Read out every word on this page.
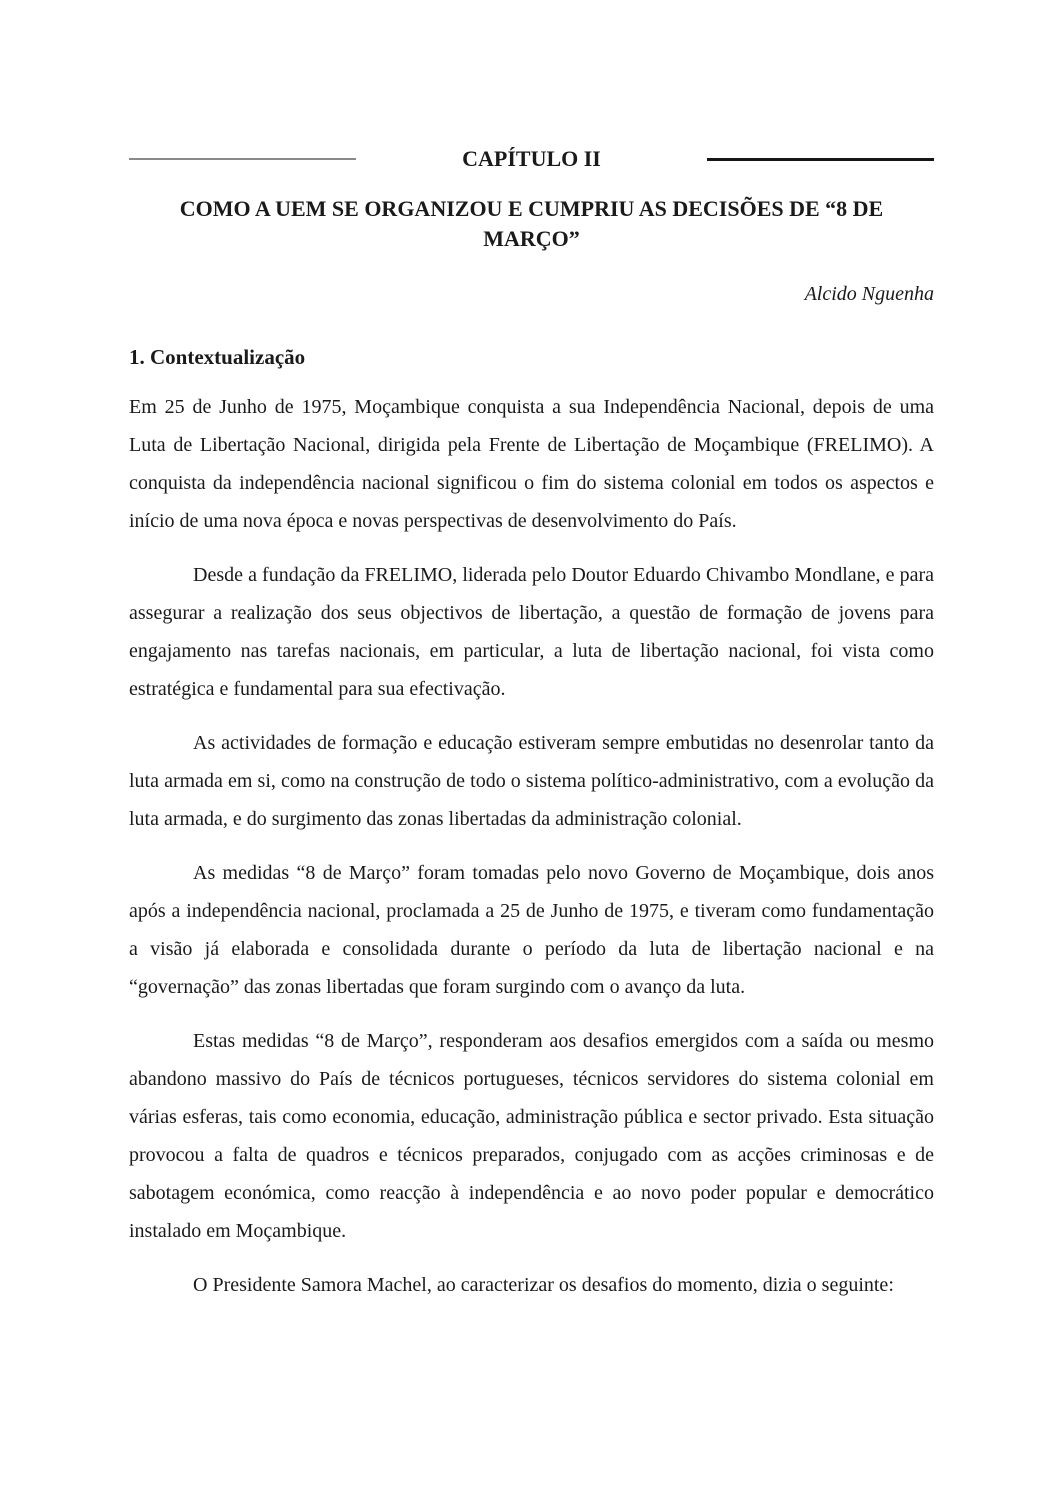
CAPÍTULO II
COMO A UEM SE ORGANIZOU E CUMPRIU AS DECISÕES DE “8 DE MARÇO”
Alcido Nguenha
1. Contextualização

Em 25 de Junho de 1975, Moçambique conquista a sua Independência Nacional, depois de uma Luta de Libertação Nacional, dirigida pela Frente de Libertação de Moçambique (FRELIMO). A conquista da independência nacional significou o fim do sistema colonial em todos os aspectos e início de uma nova época e novas perspectivas de desenvolvimento do País.

Desde a fundação da FRELIMO, liderada pelo Doutor Eduardo Chivambo Mondlane, e para assegurar a realização dos seus objectivos de libertação, a questão de formação de jovens para engajamento nas tarefas nacionais, em particular, a luta de libertação nacional, foi vista como estratégica e fundamental para sua efectivação.

As actividades de formação e educação estiveram sempre embutidas no desenrolar tanto da luta armada em si, como na construção de todo o sistema político-administrativo, com a evolução da luta armada, e do surgimento das zonas libertadas da administração colonial.

As medidas “8 de Março” foram tomadas pelo novo Governo de Moçambique, dois anos após a independência nacional, proclamada a 25 de Junho de 1975, e tiveram como fundamentação a visão já elaborada e consolidada durante o período da luta de libertação nacional e na “governação” das zonas libertadas que foram surgindo com o avanço da luta.

Estas medidas “8 de Março”, responderam aos desafios emergidos com a saída ou mesmo abandono massivo do País de técnicos portugueses, técnicos servidores do sistema colonial em várias esferas, tais como economia, educação, administração pública e sector privado. Esta situação provocou a falta de quadros e técnicos preparados, conjugado com as acções criminosas e de sabotagem económica, como reacção à independência e ao novo poder popular e democrático instalado em Moçambique.

O Presidente Samora Machel, ao caracterizar os desafios do momento, dizia o seguinte:
